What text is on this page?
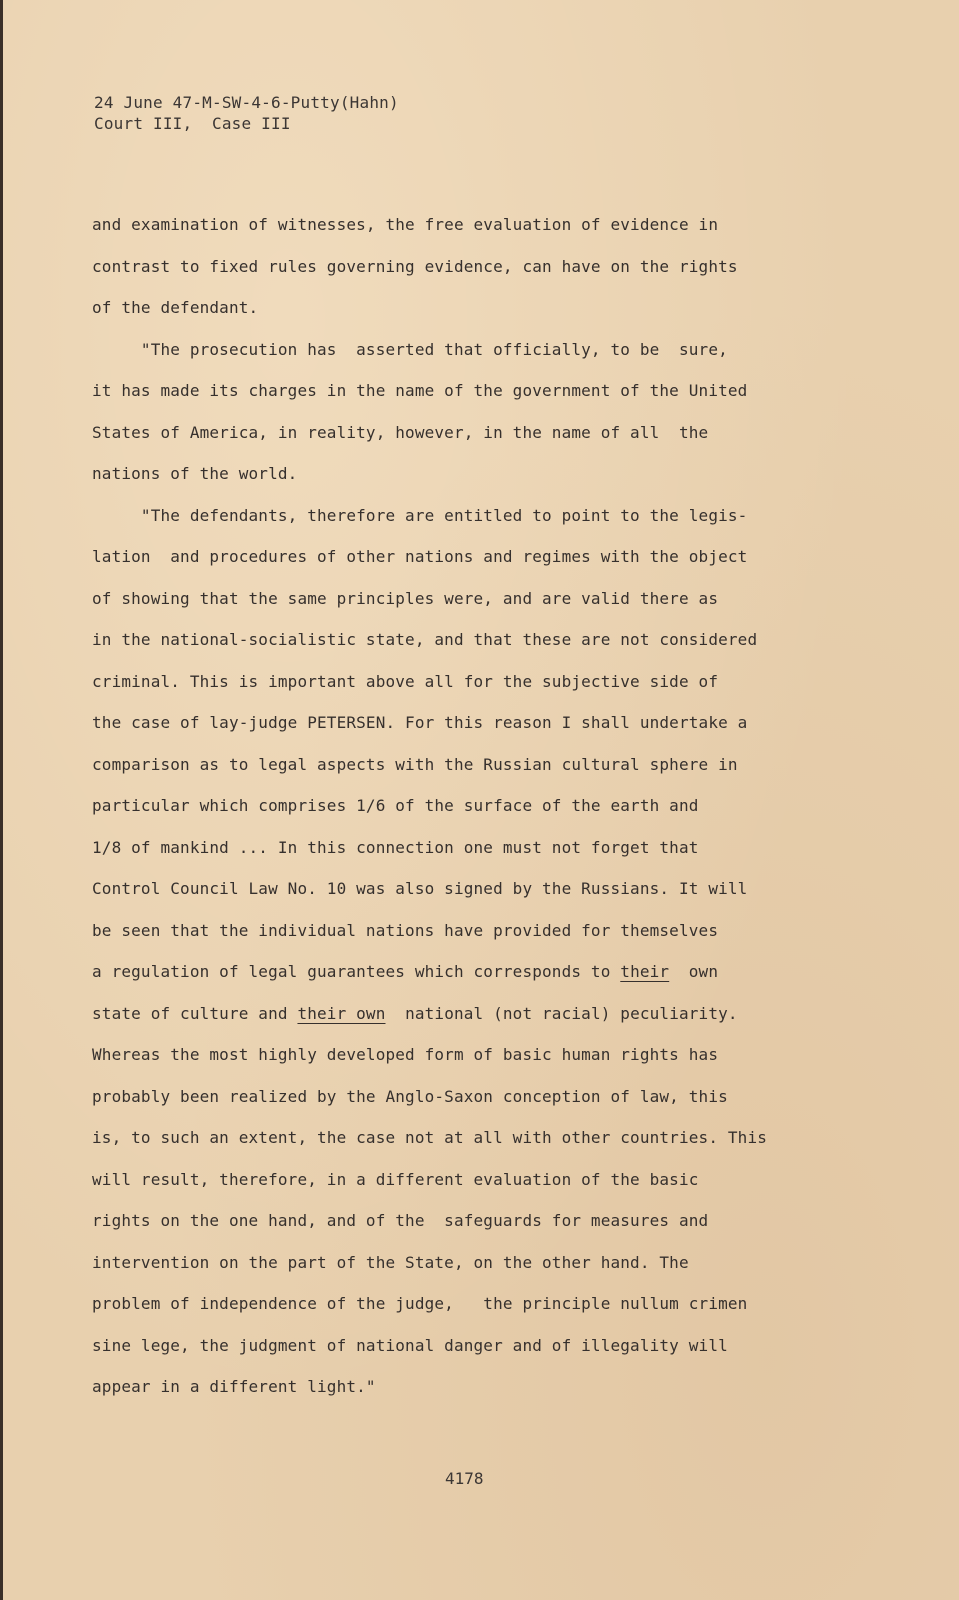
24 June 47-M-SW-4-6-Putty(Hahn)
Court III,  Case III
and examination of witnesses, the free evaluation of evidence in
contrast to fixed rules governing evidence, can have on the rights
of the defendant.
"The prosecution has  asserted that officially, to be  sure,
it has made its charges in the name of the government of the United
States of America, in reality, however, in the name of all  the
nations of the world.
"The defendants, therefore are entitled to point to the legis-
lation  and procedures of other nations and regimes with the object
of showing that the same principles were, and are valid there as
in the national-socialistic state, and that these are not considered
criminal. This is important above all for the subjective side of
the case of lay-judge PETERSEN. For this reason I shall undertake a
comparison as to legal aspects with the Russian cultural sphere in
particular which comprises 1/6 of the surface of the earth and
1/8 of mankind ... In this connection one must not forget that
Control Council Law No. 10 was also signed by the Russians. It will
be seen that the individual nations have provided for themselves
a regulation of legal guarantees which corresponds to their  own
state of culture and their own  national (not racial) peculiarity.
Whereas the most highly developed form of basic human rights has
probably been realized by the Anglo-Saxon conception of law, this
is, to such an extent, the case not at all with other countries. This
will result, therefore, in a different evaluation of the basic
rights on the one hand, and of the  safeguards for measures and
intervention on the part of the State, on the other hand. The
problem of independence of the judge,   the principle nullum crimen
sine lege, the judgment of national danger and of illegality will
appear in a different light."
4178
